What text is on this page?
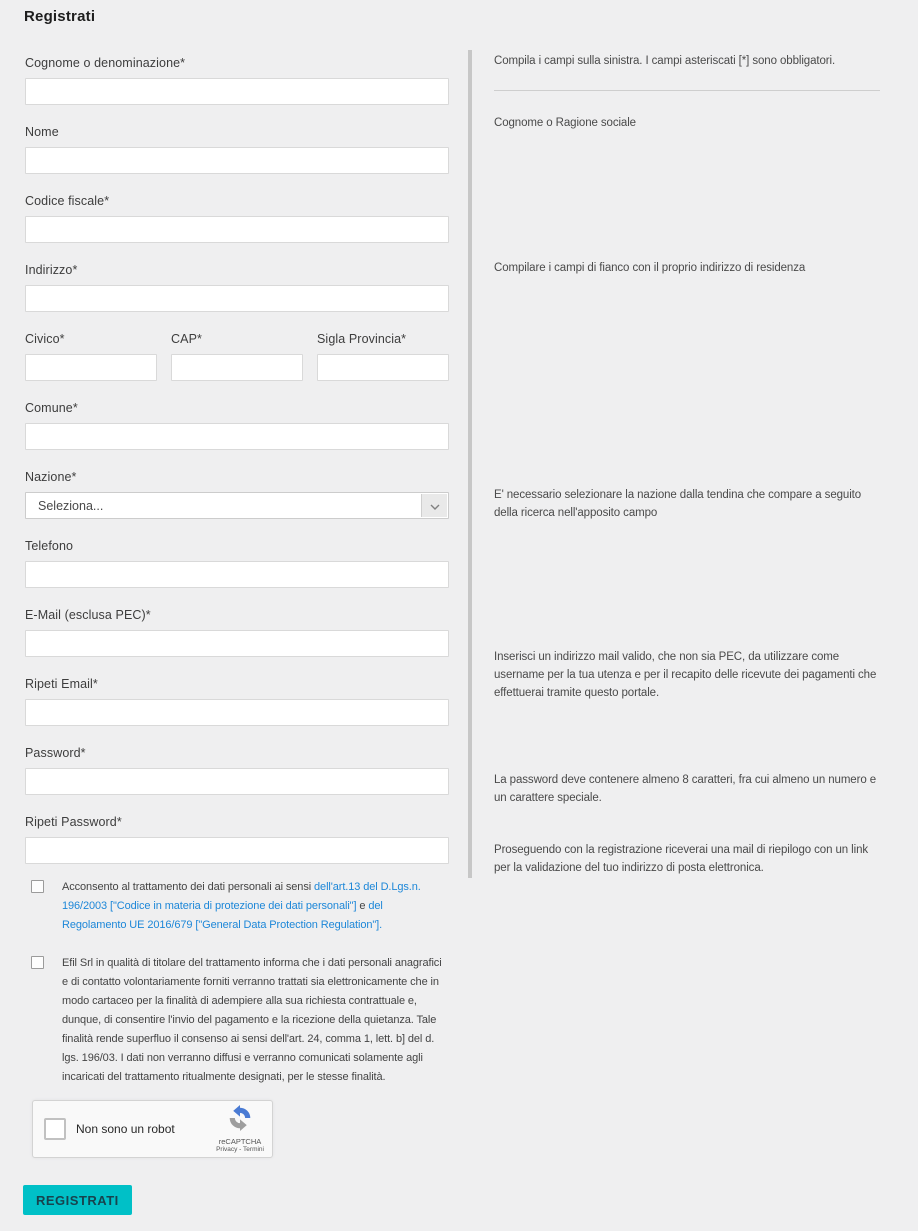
Registrati
Cognome o denominazione*
Nome
Codice fiscale*
Indirizzo*
Civico*	CAP*	Sigla Provincia*
Comune*
Nazione*
Seleziona...
Telefono
E-Mail (esclusa PEC)*
Ripeti Email*
Password*
Ripeti Password*

Acconsento al trattamento dei dati personali ai sensi dell'art.13 del D.Lgs.n. 196/2003 ["Codice in materia di protezione dei dati personali"] e del Regolamento UE 2016/679 ["General Data Protection Regulation"].

Efil Srl in qualità di titolare del trattamento informa che i dati personali anagrafici e di contatto volontariamente forniti verranno trattati sia elettronicamente che in modo cartaceo per la finalità di adempiere alla sua richiesta contrattuale e, dunque, di consentire l'invio del pagamento e la ricezione della quietanza. Tale finalità rende superfluo il consenso ai sensi dell'art. 24, comma 1, lett. b] del d. lgs. 196/03. I dati non verranno diffusi e verranno comunicati solamente agli incaricati del trattamento ritualmente designati, per le stesse finalità.

Non sono un robot
reCAPTCHA
Privacy - Termini
REGISTRATI

Compila i campi sulla sinistra. I campi asteriscati [*] sono obbligatori.

Cognome o Ragione sociale

Compilare i campi di fianco con il proprio indirizzo di residenza

E' necessario selezionare la nazione dalla tendina che compare a seguito della ricerca nell'apposito campo

Inserisci un indirizzo mail valido, che non sia PEC, da utilizzare come username per la tua utenza e per il recapito delle ricevute dei pagamenti che effettuerai tramite questo portale.

La password deve contenere almeno 8 caratteri, fra cui almeno un numero e un carattere speciale.

Proseguendo con la registrazione riceverai una mail di riepilogo con un link per la validazione del tuo indirizzo di posta elettronica.
